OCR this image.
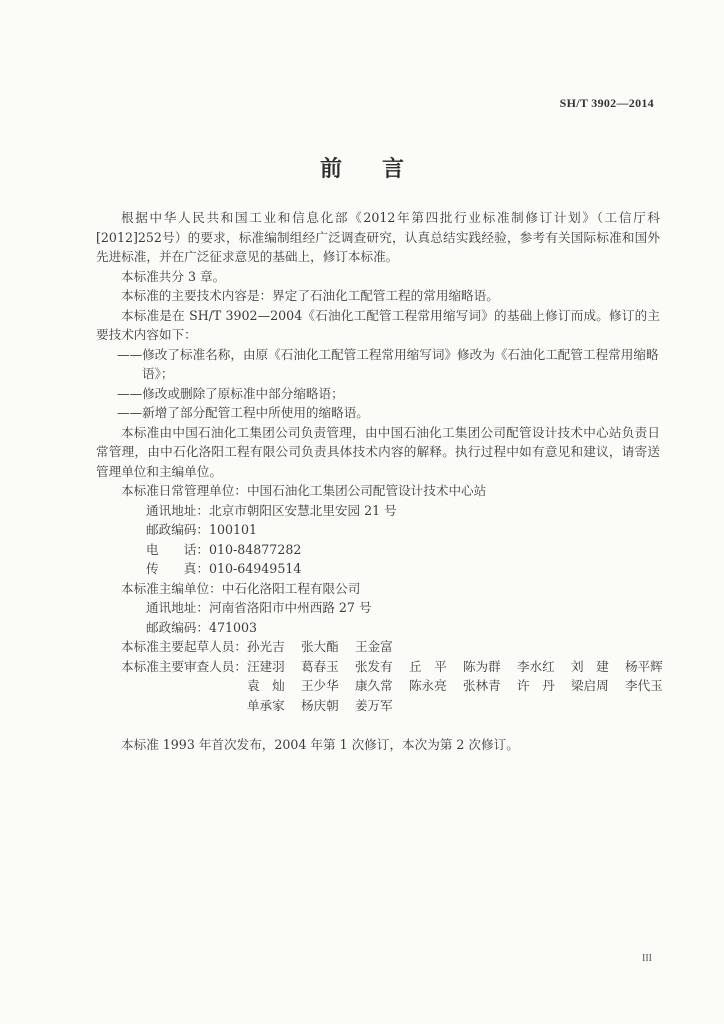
SH/T 3902—2014
前言

根据中华人民共和国工业和信息化部《2012年第四批行业标准制修订计划》（工信厅科[2012]252号）的要求，标准编制组经广泛调查研究，认真总结实践经验，参考有关国际标准和国外先进标准，并在广泛征求意见的基础上，修订本标准。

本标准共分 3 章。

本标准的主要技术内容是：界定了石油化工配管工程的常用缩略语。

本标准是在 SH/T 3902—2004《石油化工配管工程常用缩写词》的基础上修订而成。修订的主要技术内容如下：

——修改了标准名称，由原《石油化工配管工程常用缩写词》修改为《石油化工配管工程常用缩略语》；

——修改或删除了原标准中部分缩略语；

——新增了部分配管工程中所使用的缩略语。

本标准由中国石油化工集团公司负责管理，由中国石油化工集团公司配管设计技术中心站负责日常管理，由中石化洛阳工程有限公司负责具体技术内容的解释。执行过程中如有意见和建议，请寄送管理单位和主编单位。

本标准日常管理单位： 中国石油化工集团公司配管设计技术中心站
通讯地址： 北京市朝阳区安慧北里安园 21 号
邮政编码： 100101
电　　话： 010-84877282
传　　真： 010-64949514
本标准主编单位： 中石化洛阳工程有限公司
通讯地址： 河南省洛阳市中州西路 27 号
邮政编码： 471003
本标准主要起草人员： 孙光吉	张大酯	王金富
本标准主要审查人员： 汪建羽	葛春玉	张发有	丘　平	陈为群	李水红	刘　建	杨平辉
袁　灿	王少华	康久常	陈永亮	张林青	许　丹	梁启周	李代玉
单承家	杨庆朝	姜万军

本标准 1993 年首次发布，2004 年第 1 次修订，本次为第 2 次修订。

III
